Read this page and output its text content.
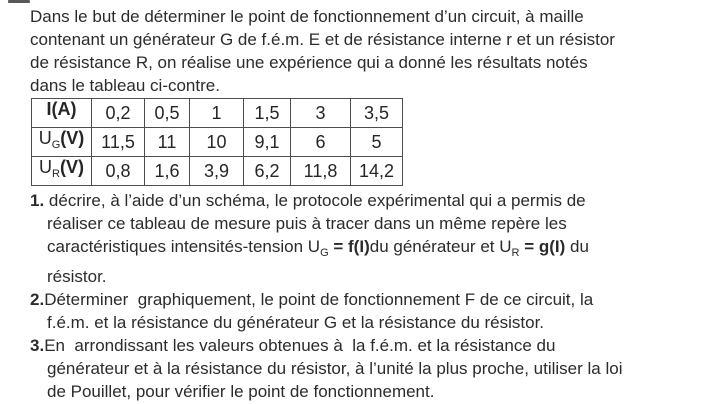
Dans le but de déterminer le point de fonctionnement d’un circuit, à maille
contenant un générateur G de f.é.m. E et de résistance interne r et un résistor
de résistance R, on réalise une expérience qui a donné les résultats notés
dans le tableau ci-contre.
I(A)	0,2	0,5	1	1,5	3	3,5
$U_G(V)$	11,5	11	10	9,1	6	5
$U_R(V)$	0,8	1,6	3,9	6,2	11,8	14,2
1. décrire, à l’aide d’un schéma, le protocole expérimental qui a permis de
réaliser ce tableau de mesure puis à tracer dans un même repère les
caractéristiques intensités-tension $U_G = f(I)du$ générateur et $U_R = g(I)$ du
résistor.
2.Déterminer  graphiquement, le point de fonctionnement F de ce circuit, la
f.é.m. et la résistance du générateur G et la résistance du résistor.
3.En  arrondissant les valeurs obtenues à  la f.é.m. et la résistance du
générateur et à la résistance du résistor, à l’unité la plus proche, utiliser la loi
de Pouillet, pour vérifier le point de fonctionnement.
